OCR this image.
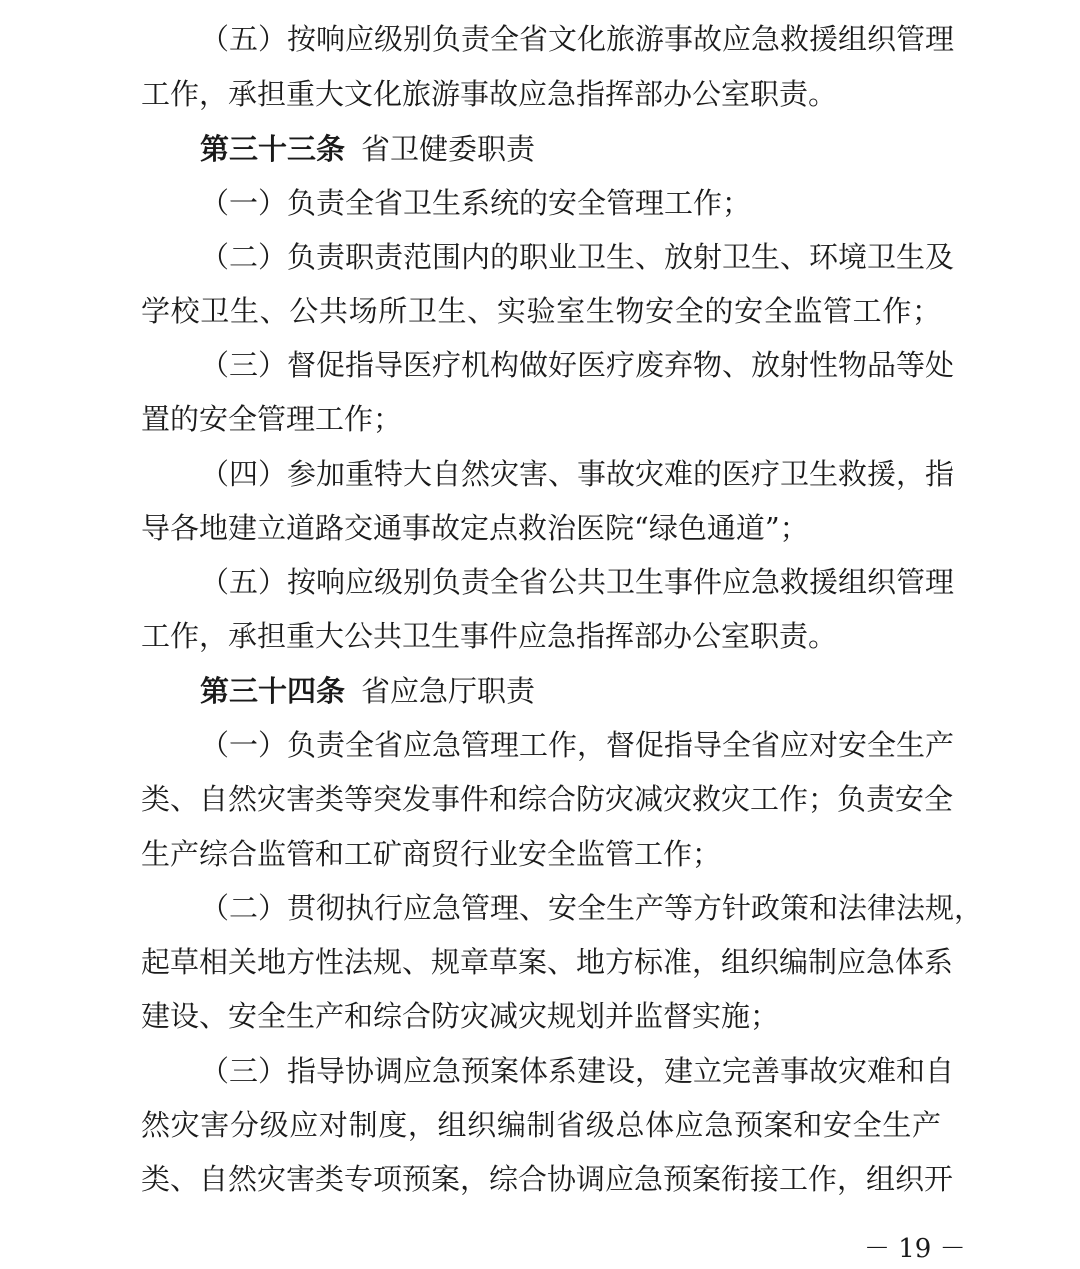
（五）按响应级别负责全省文化旅游事故应急救援组织管理
工作，承担重大文化旅游事故应急指挥部办公室职责。
第三十三条 省卫健委职责
（一）负责全省卫生系统的安全管理工作；
（二）负责职责范围内的职业卫生、放射卫生、环境卫生及
学校卫生、公共场所卫生、实验室生物安全的安全监管工作；
（三）督促指导医疗机构做好医疗废弃物、放射性物品等处
置的安全管理工作；
（四）参加重特大自然灾害、事故灾难的医疗卫生救援，指
导各地建立道路交通事故定点救治医院“绿色通道”；
（五）按响应级别负责全省公共卫生事件应急救援组织管理
工作，承担重大公共卫生事件应急指挥部办公室职责。
第三十四条 省应急厅职责
（一）负责全省应急管理工作，督促指导全省应对安全生产
类、自然灾害类等突发事件和综合防灾减灾救灾工作；负责安全
生产综合监管和工矿商贸行业安全监管工作；
（二）贯彻执行应急管理、安全生产等方针政策和法律法规，
起草相关地方性法规、规章草案、地方标准，组织编制应急体系
建设、安全生产和综合防灾减灾规划并监督实施；
（三）指导协调应急预案体系建设，建立完善事故灾难和自
然灾害分级应对制度，组织编制省级总体应急预案和安全生产
类、自然灾害类专项预案，综合协调应急预案衔接工作，组织开
－ 19 －
